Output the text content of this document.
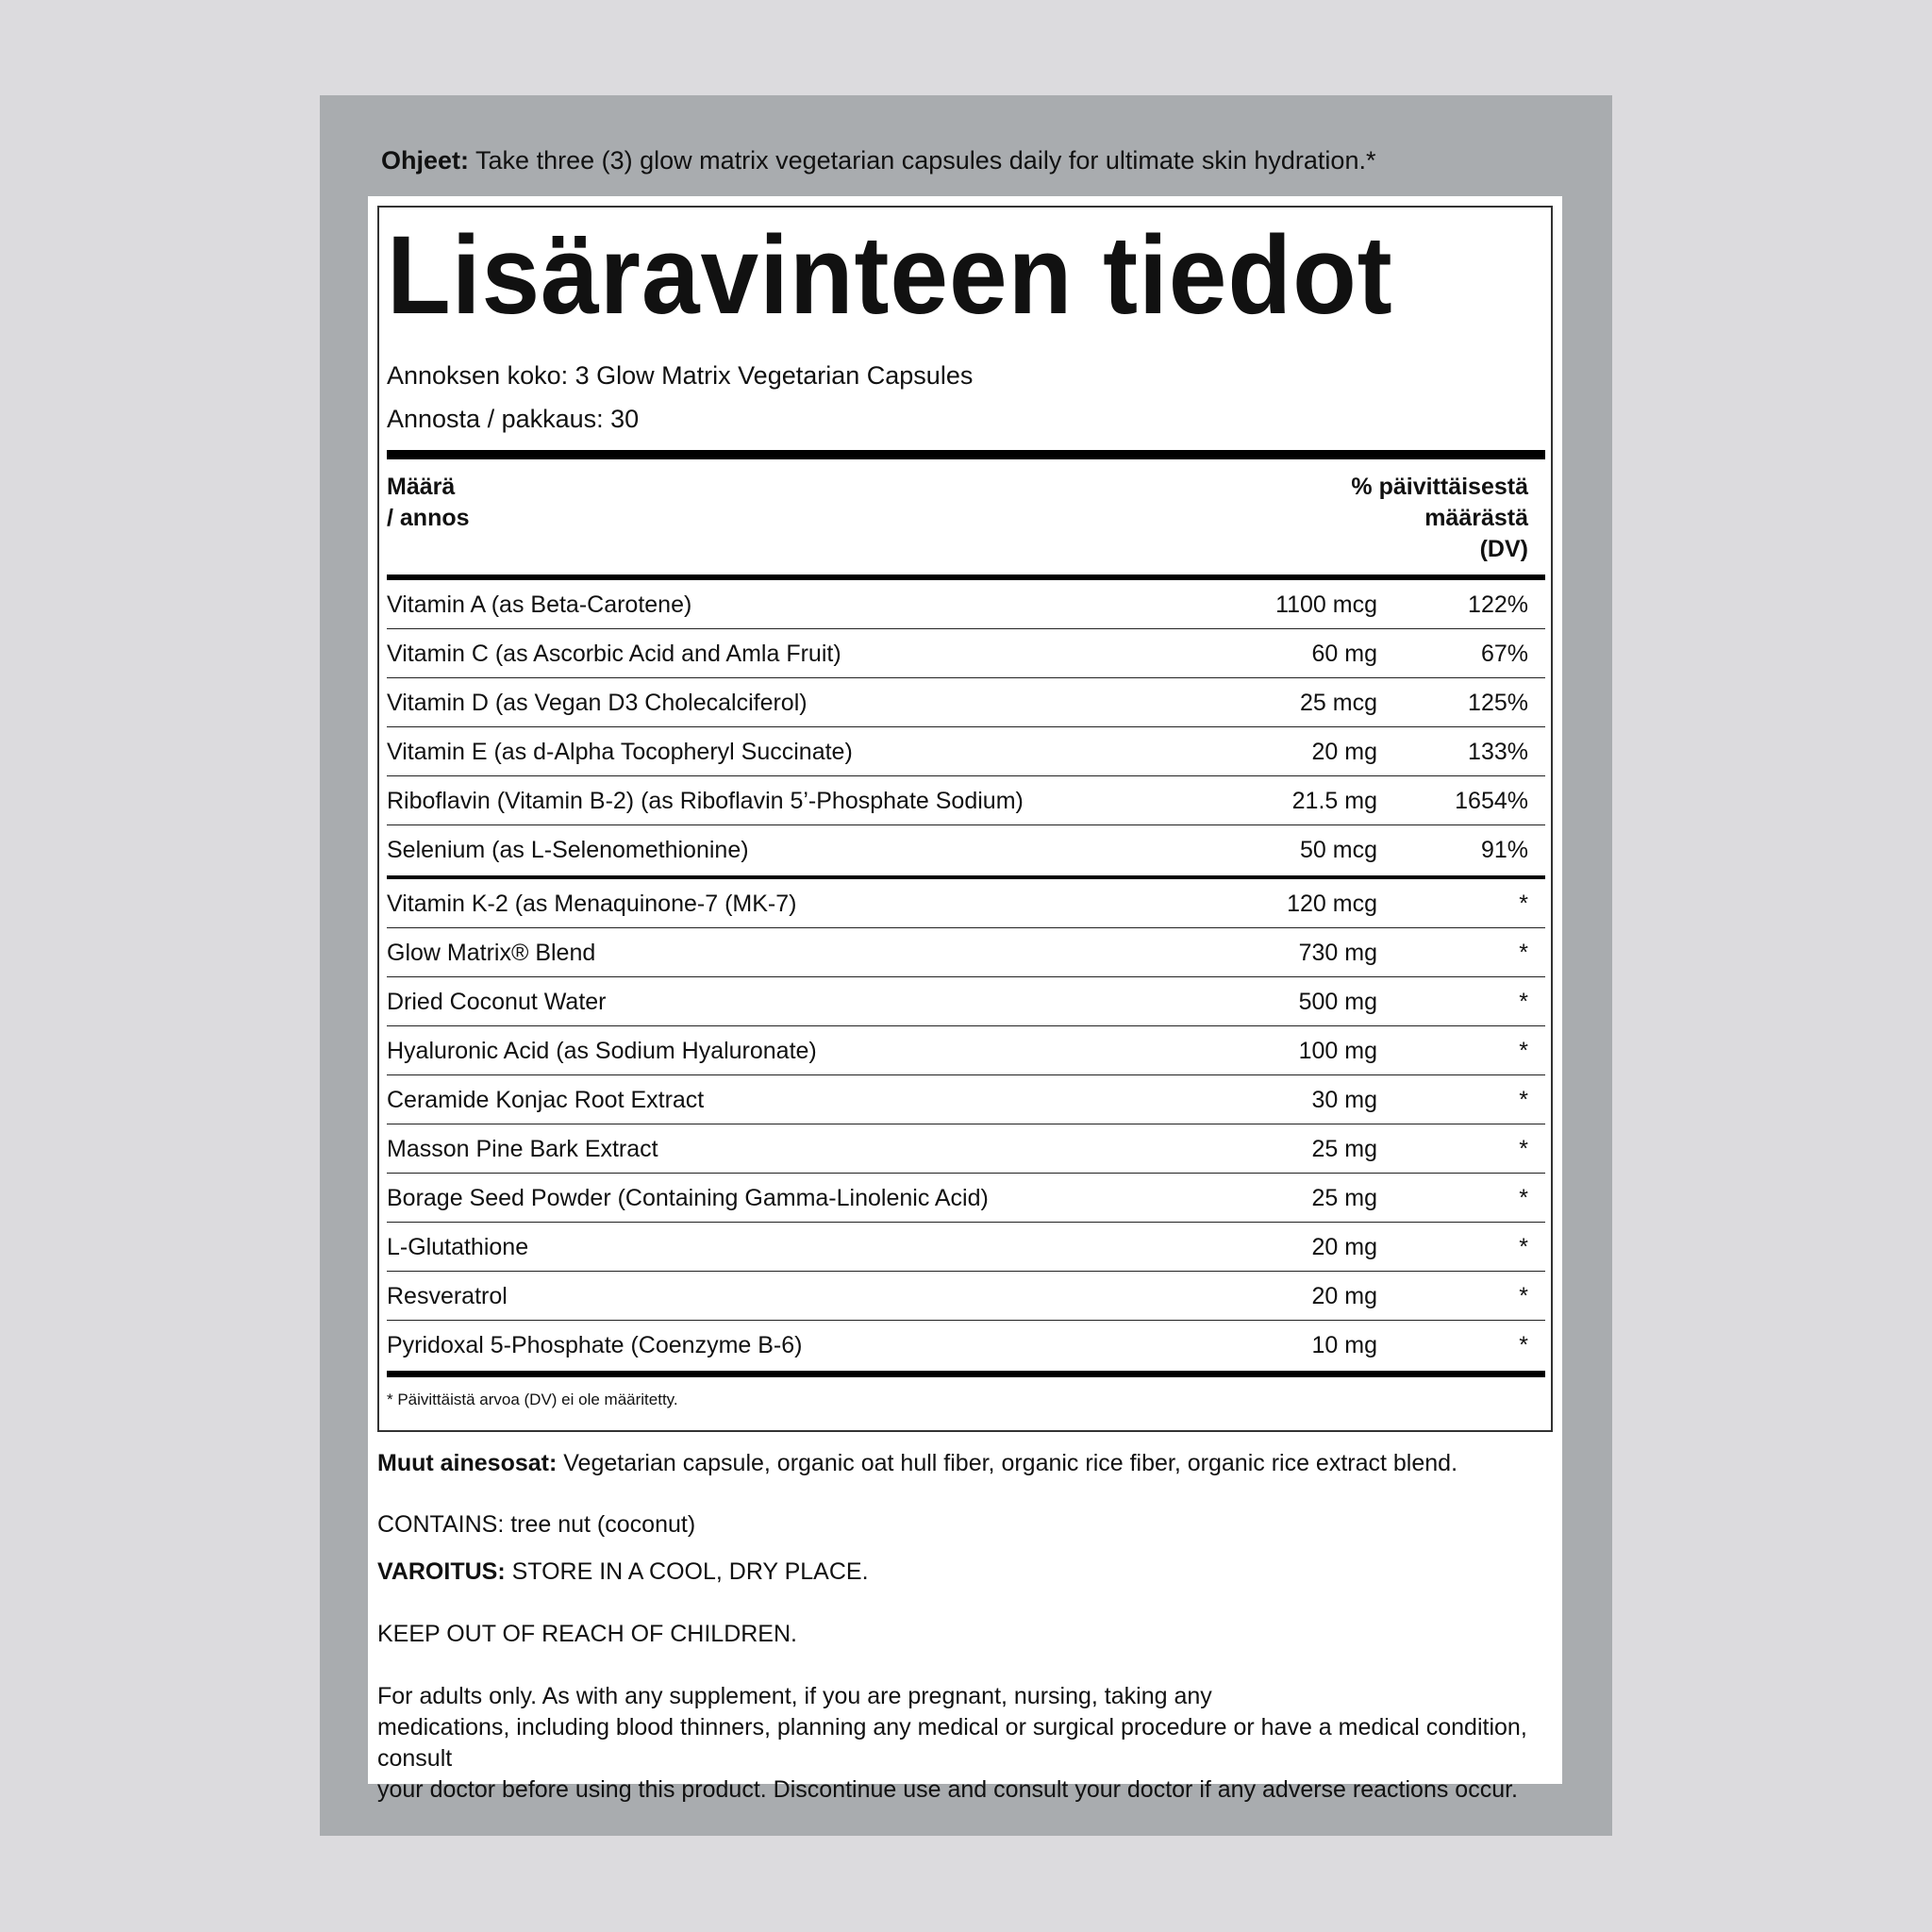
Ohjeet: Take three (3) glow matrix vegetarian capsules daily for ultimate skin hydration.*
Lisäravinteen tiedot
Annoksen koko: 3 Glow Matrix Vegetarian Capsules
Annosta / pakkaus: 30
Määrä
/ annos
% päivittäisestä
määrästä
(DV)
Vitamin A (as Beta-Carotene)	1100 mcg	122%
Vitamin C (as Ascorbic Acid and Amla Fruit)	60 mg	67%
Vitamin D (as Vegan D3 Cholecalciferol)	25 mcg	125%
Vitamin E (as d-Alpha Tocopheryl Succinate)	20 mg	133%
Riboflavin (Vitamin B-2) (as Riboflavin 5’-Phosphate Sodium)	21.5 mg	1654%
Selenium (as L-Selenomethionine)	50 mcg	91%
Vitamin K-2 (as Menaquinone-7 (MK-7)	120 mcg	*
Glow Matrix® Blend	730 mg	*
Dried Coconut Water	500 mg	*
Hyaluronic Acid (as Sodium Hyaluronate)	100 mg	*
Ceramide Konjac Root Extract	30 mg	*
Masson Pine Bark Extract	25 mg	*
Borage Seed Powder (Containing Gamma-Linolenic Acid)	25 mg	*
L-Glutathione	20 mg	*
Resveratrol	20 mg	*
Pyridoxal 5-Phosphate (Coenzyme B-6)	10 mg	*
* Päivittäistä arvoa (DV) ei ole määritetty.
Muut ainesosat: Vegetarian capsule, organic oat hull fiber, organic rice fiber, organic rice extract blend.
CONTAINS: tree nut (coconut)
VAROITUS: STORE IN A COOL, DRY PLACE.
KEEP OUT OF REACH OF CHILDREN.
For adults only. As with any supplement, if you are pregnant, nursing, taking any
medications, including blood thinners, planning any medical or surgical procedure or have a medical condition, consult
your doctor before using this product. Discontinue use and consult your doctor if any adverse reactions occur.
